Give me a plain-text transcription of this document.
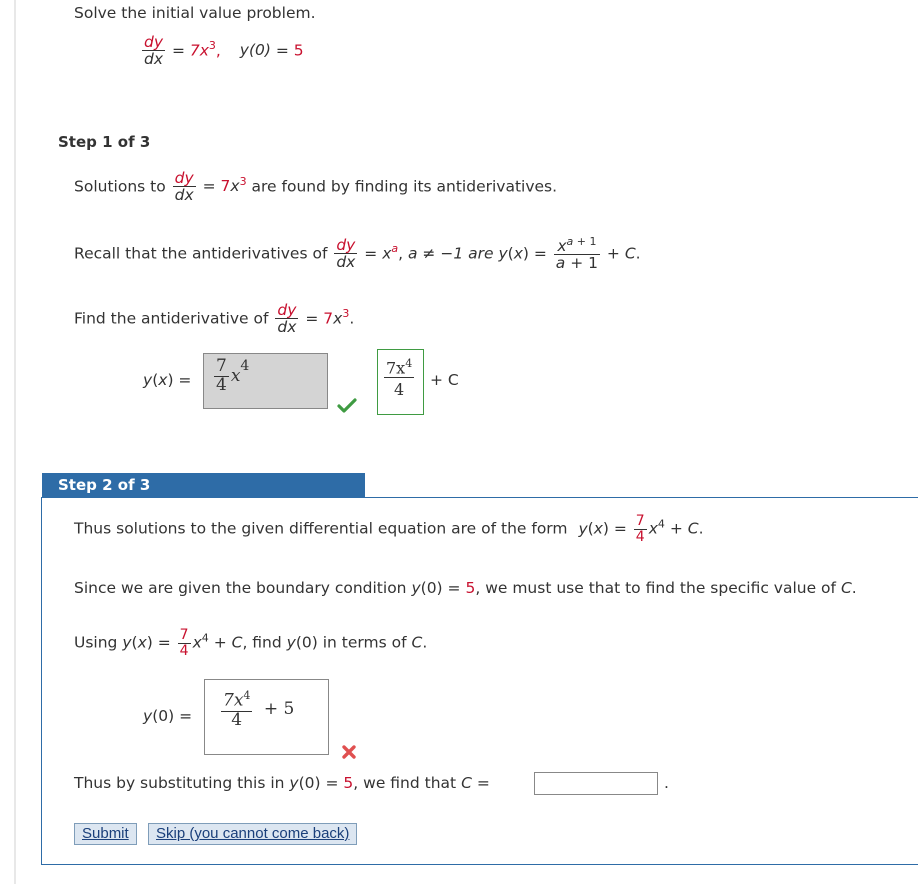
Solve the initial value problem.
$\frac{dy}{dx} = 7x^3$, y(0) = 5
Step 1 of 3
Solutions to $\frac{dy}{dx} = 7x^3$ are found by finding its antiderivatives.
Recall that the antiderivatives of $\frac{dy}{dx} = x^a$, a ≠ −1 are $y(x) = \frac{x^{a + 1}}{a + 1} + C$.
Find the antiderivative of $\frac{dy}{dx} = 7x^3$.
$y(x) = \frac{7}{4} x^4$	$\frac{7x^4}{4} + C$
Step 2 of 3
Thus solutions to the given differential equation are of the form $y(x) = \frac{7}{4} x^4 + C$.
Since we are given the boundary condition y(0) = 5, we must use that to find the specific value of C.
Using $y(x) = \frac{7}{4} x^4 + C$, find y(0) in terms of C.
$y(0) = \frac{7x^4}{4} + 5$
Thus by substituting this in y(0) = 5, we find that C =	.
Submit	Skip (you cannot come back)
